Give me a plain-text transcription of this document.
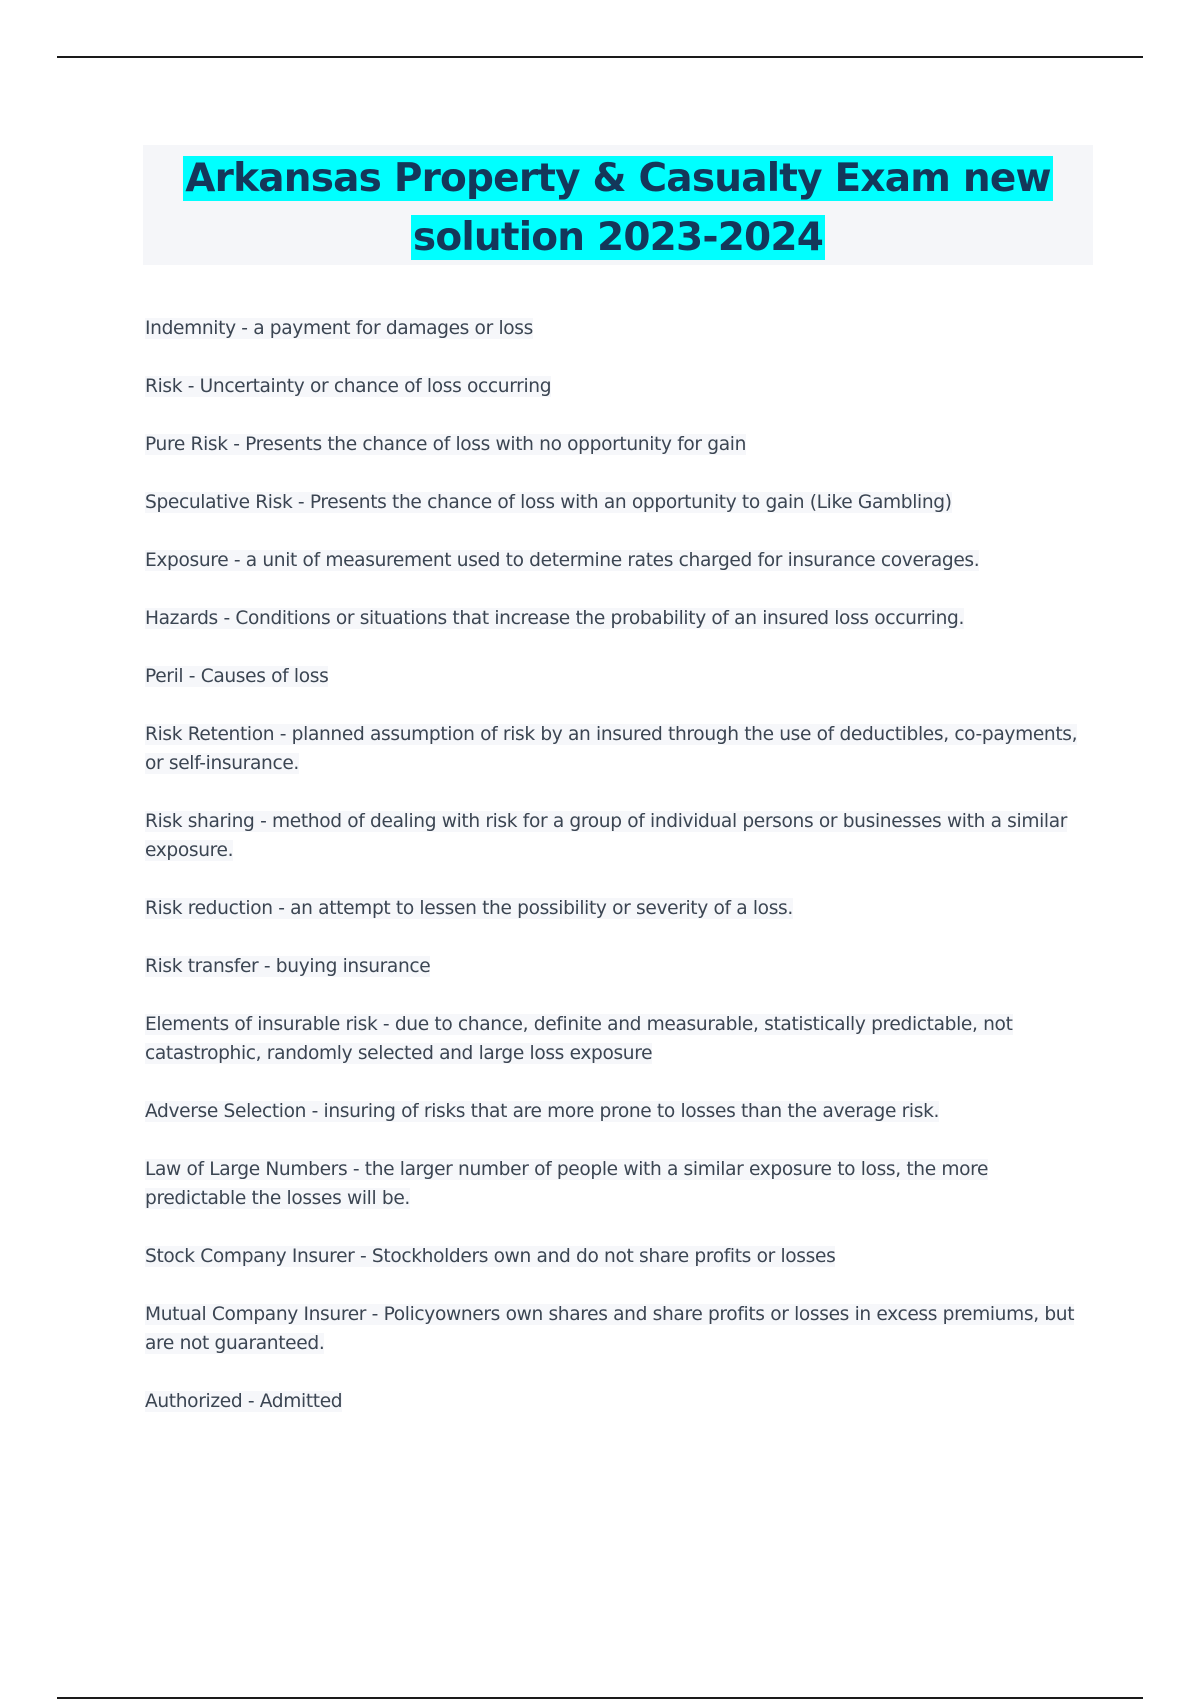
Arkansas Property & Casualty Exam new
solution 2023-2024
Indemnity - a payment for damages or loss
Risk - Uncertainty or chance of loss occurring
Pure Risk - Presents the chance of loss with no opportunity for gain
Speculative Risk - Presents the chance of loss with an opportunity to gain (Like Gambling)
Exposure - a unit of measurement used to determine rates charged for insurance coverages.
Hazards - Conditions or situations that increase the probability of an insured loss occurring.
Peril - Causes of loss
Risk Retention - planned assumption of risk by an insured through the use of deductibles, co-payments, or self-insurance.
Risk sharing - method of dealing with risk for a group of individual persons or businesses with a similar exposure.
Risk reduction - an attempt to lessen the possibility or severity of a loss.
Risk transfer - buying insurance
Elements of insurable risk - due to chance, definite and measurable, statistically predictable, not catastrophic, randomly selected and large loss exposure
Adverse Selection - insuring of risks that are more prone to losses than the average risk.
Law of Large Numbers - the larger number of people with a similar exposure to loss, the more predictable the losses will be.
Stock Company Insurer - Stockholders own and do not share profits or losses
Mutual Company Insurer - Policyowners own shares and share profits or losses in excess premiums, but are not guaranteed.
Authorized - Admitted
